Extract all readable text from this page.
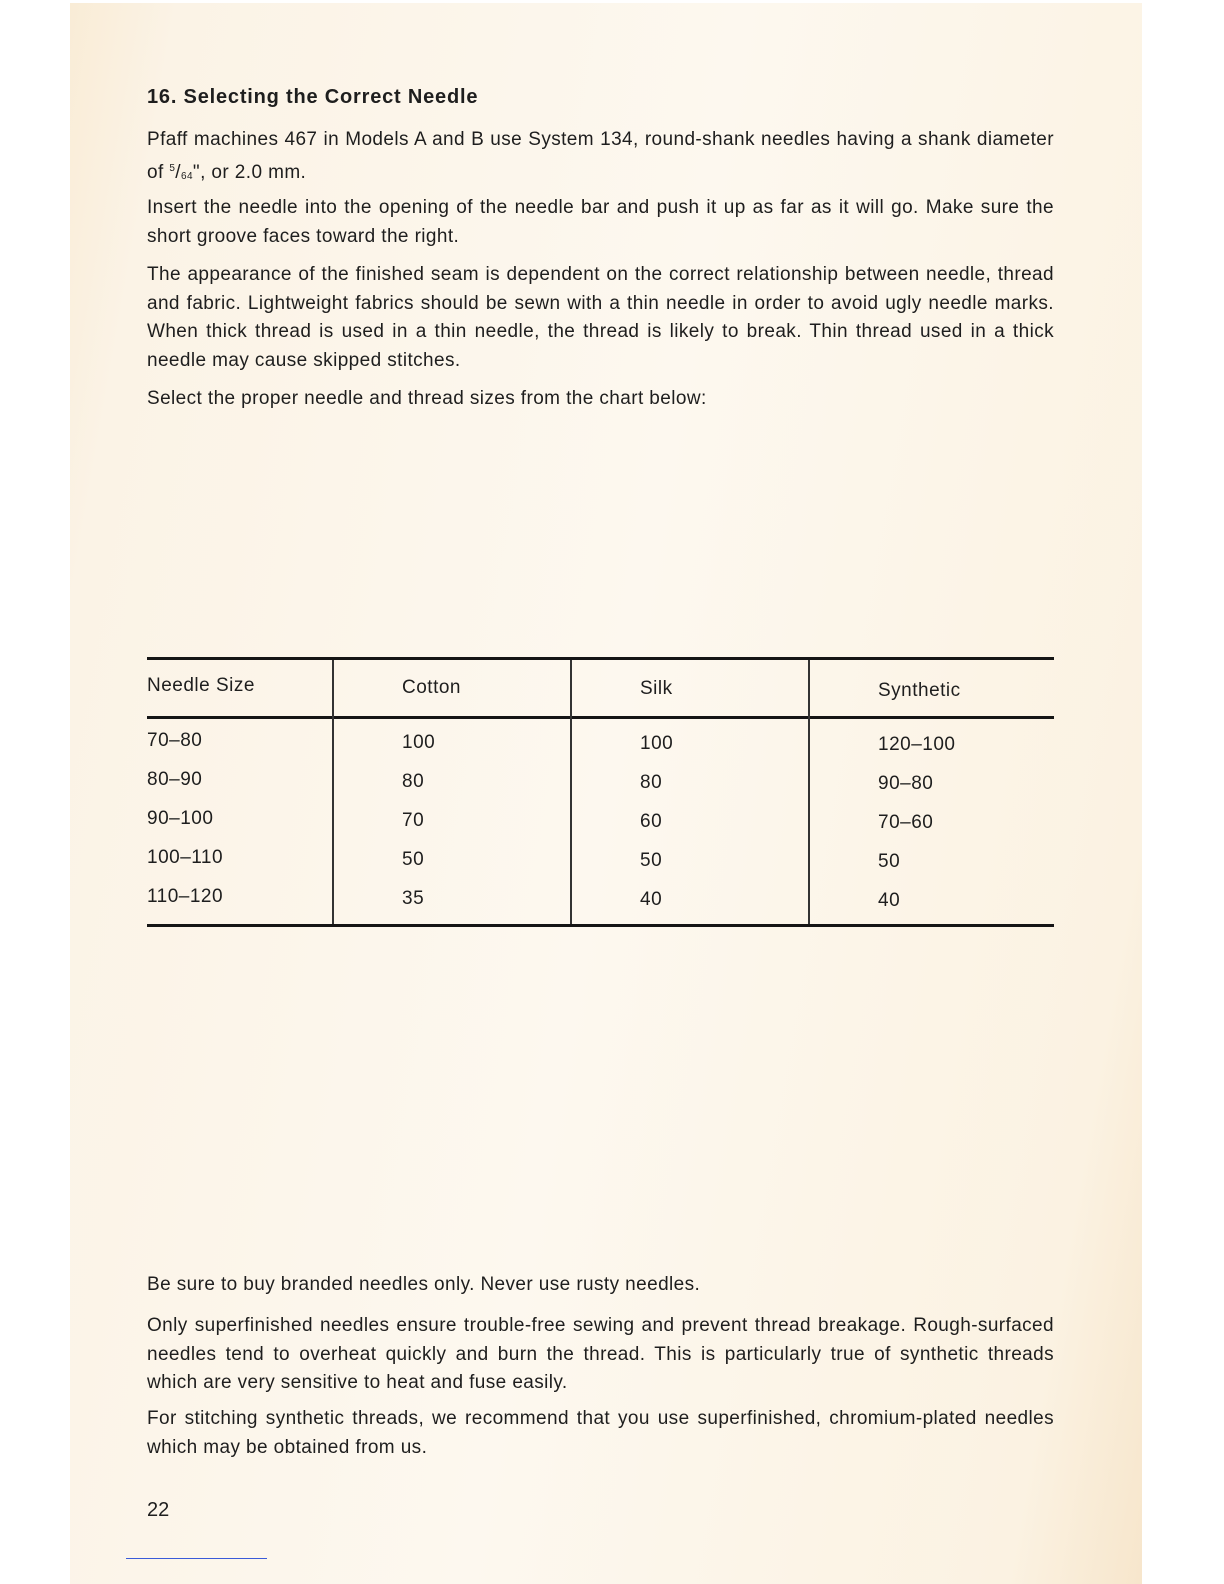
16. Selecting the Correct Needle

Pfaff machines 467 in Models A and B use System 134, round-shank needles having a shank diameter of $^5$/64", or 2.0 mm.

Insert the needle into the opening of the needle bar and push it up as far as it will go. Make sure the short groove faces toward the right.

The appearance of the finished seam is dependent on the correct relationship between needle, thread and fabric. Lightweight fabrics should be sewn with a thin needle in order to avoid ugly needle marks. When thick thread is used in a thin needle, the thread is likely to break. Thin thread used in a thick needle may cause skipped stitches.

Select the proper needle and thread sizes from the chart below:

Needle Size	Cotton	Silk	Synthetic
70–80	100	100	120–100
80–90	80	80	90–80
90–100	70	60	70–60
100–110	50	50	50
110–120	35	40	40

Be sure to buy branded needles only. Never use rusty needles.

Only superfinished needles ensure trouble-free sewing and prevent thread breakage. Rough-surfaced needles tend to overheat quickly and burn the thread. This is particularly true of synthetic threads which are very sensitive to heat and fuse easily.

For stitching synthetic threads, we recommend that you use superfinished, chromium-plated needles which may be obtained from us.

22
